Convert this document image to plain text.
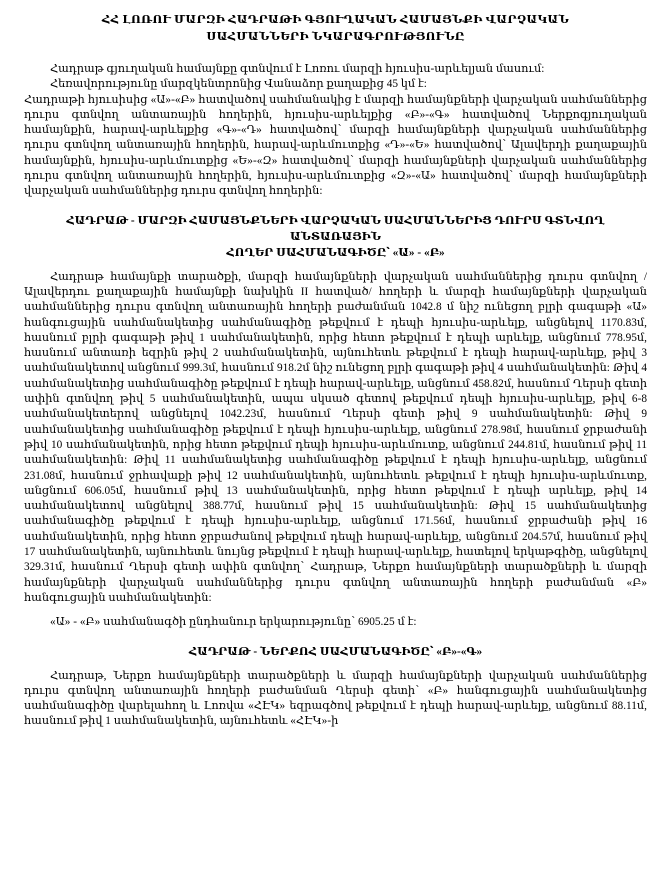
ՀՀ ԼՈՌՈՒ ՄԱՐԶԻ ՀԱԴՐԱԹԻ ԳՅՈՒՂԱԿԱՆ ՀԱՄԱՅՆՔԻ ՎԱՐՉԱԿԱՆ
ՍԱՀՄԱՆՆԵՐԻ ՆԿԱՐԱԳՐՈՒԹՅՈՒՆԸ

Հադրաթ գյուղական համայնքը գտնվում է Լոռու մարզի հյուսիս-արևելյան մասում:

Հեռավորությունը մարզկենտրոնից Վանաձոր քաղաքից 45 կմ է:

Հադրաթի հյուսիսից «Ա»-«Բ» հատվածով սահմանակից է մարզի համայնքների վարչական սահմաններից դուրս գտնվող անտառային հողերին, հյուսիս-արևելքից «Բ»-«Գ» հատվածով Ներքոգյուղական համայնքին, հարավ-արևելքից «Գ»-«Դ» հատվածով՝ մարզի համայնքների վարչական սահմաններից դուրս գտնվող անտառային հողերին, հարավ-արևմուտքից «Դ»-«Ե» հատվածով՝ Ալավերդի քաղաքային համայնքին, հյուսիս-արևմուտքից «Ե»-«Զ» հատվածով՝ մարզի համայնքների վարչական սահմաններից դուրս գտնվող անտառային հողերին, հյուսիս-արևմուտքից «Զ»-«Ա» հատվածով՝ մարզի համայնքների վարչական սահմաններից դուրս գտնվող հողերին:

ՀԱԴՐԱԹ - ՄԱՐԶԻ ՀԱՄԱՅՆՔՆԵՐԻ ՎԱՐՉԱԿԱՆ ՍԱՀՄԱՆՆԵՐԻՑ ԴՈՒՐՍ ԳՏՆՎՈՂ ԱՆՏԱՌԱՅԻՆ
ՀՈՂԵՐ ՍԱՀՄԱՆԱԳԻԾԸ՝ «Ա» - «Բ»

Հադրաթ համայնքի տարածքի, մարզի համայնքների վարչական սահմաններից դուրս գտնվող /Ալավերդու քաղաքային համայնքի նախկին II հատված/ հողերի և մարզի համայնքների վարչական սահմաններից դուրս գտնվող անտառային հողերի բաժանման 1042.8 մ նիշ ունեցող բլրի գագաթի «Ա» հանգուցային սահմանակետից սահմանագիծը թեքվում է դեպի հյուսիս-արևելք, անցնելով 1170.83մ, հասնում բլրի գագաթի թիվ 1 սահմանակետին, որից հետո թեքվում է դեպի արևելք, անցնում 778.95մ, հասնում անտառի եզրին թիվ 2 սահմանակետին, այնուհետև թեքվում է դեպի հարավ-արևելք, թիվ 3 սահմանակետով անցնում 999.3մ, հասնում 918.2մ նիշ ունեցող բլրի գագաթի թիվ 4 սահմանակետին: Թիվ 4 սահմանակետից սահմանագիծը թեքվում է դեպի հարավ-արևելք, անցնում 458.82մ, հասնում Ղերսի գետի ափին գտնվող թիվ 5 սահմանակետին, ապա սկսած գետով թեքվում դեպի հյուսիս-արևելք, թիվ 6-8 սահմանակետերով անցնելով 1042.23մ, հասնում Ղերսի գետի թիվ 9 սահմանակետին: Թիվ 9 սահմանակետից սահմանագիծը թեքվում է դեպի հյուսիս-արևելք, անցնում 278.98մ, հասնում ջրբաժանի թիվ 10 սահմանակետին, որից հետո թեքվում դեպի հյուսիս-արևմուտք, անցնում 244.81մ, հասնում թիվ 11 սահմանակետին: Թիվ 11 սահմանակետից սահմանագիծը թեքվում է դեպի հյուսիս-արևելք, անցնում 231.08մ, հասնում ջրհավաքի թիվ 12 սահմանակետին, այնուհետև թեքվում է դեպի հյուսիս-արևմուտք, անցնում 606.05մ, հասնում թիվ 13 սահմանակետին, որից հետո թեքվում է դեպի արևելք, թիվ 14 սահմանակետով անցնելով 388.77մ, հասնում թիվ 15 սահմանակետին: Թիվ 15 սահմանակետից սահմանագիծը թեքվում է դեպի հյուսիս-արևելք, անցնում 171.56մ, հասնում ջրբաժանի թիվ 16 սահմանակետին, որից հետո ջրբաժանով թեքվում դեպի հարավ-արևելք, անցնում 204.57մ, հասնում թիվ 17 սահմանակետին, այնուհետև նույնց թեքվում է դեպի հարավ-արևելք, հատելով երկաթգիծը, անցնելով 329.31մ, հասնում Ղերսի գետի ափին գտնվող՝ Հադրաթ, Ներքո համայնքների տարածքների և մարզի համայնքների վարչական սահմաններից դուրս գտնվող անտառային հողերի բաժանման «Բ» հանգուցային սահմանակետին:

«Ա» - «Բ» սահմանագծի ընդհանուր երկարությունը՝ 6905.25 մ է:

ՀԱԴՐԱԹ - ՆԵՐՔՈՀ ՍԱՀՄԱՆԱԳԻԾԸ՝ «Բ»-«Գ»

Հադրաթ, Ներքո համայնքների տարածքների և մարզի համայնքների վարչական սահմաններից դուրս գտնվող անտառային հողերի բաժանման Ղերսի գետի՝ «Բ» հանգուցային սահմանակետից սահմանագիծը վարելահող և Լոռվա «ՀԷԿ» եզրագծով թեքվում է դեպի հարավ-արևելք, անցնում 88.11մ, հասնում թիվ 1 սահմանակետին, այնուհետև «ՀԷԿ»-ի
